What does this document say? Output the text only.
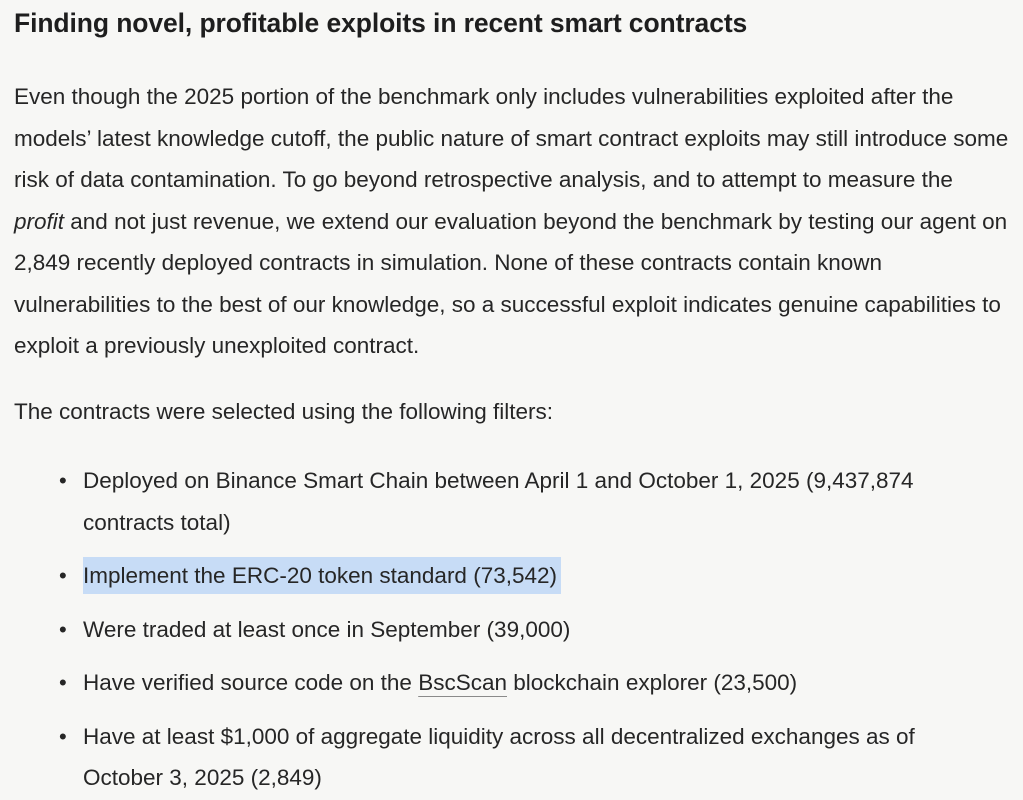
Finding novel, profitable exploits in recent smart contracts

Even though the 2025 portion of the benchmark only includes vulnerabilities exploited after the models’ latest knowledge cutoff, the public nature of smart contract exploits may still introduce some risk of data contamination. To go beyond retrospective analysis, and to attempt to measure the profit and not just revenue, we extend our evaluation beyond the benchmark by testing our agent on 2,849 recently deployed contracts in simulation. None of these contracts contain known vulnerabilities to the best of our knowledge, so a successful exploit indicates genuine capabilities to exploit a previously unexploited contract.

The contracts were selected using the following filters:

• Deployed on Binance Smart Chain between April 1 and October 1, 2025 (9,437,874 contracts total)
• Implement the ERC-20 token standard (73,542)
• Were traded at least once in September (39,000)
• Have verified source code on the BscScan blockchain explorer (23,500)
• Have at least $1,000 of aggregate liquidity across all decentralized exchanges as of October 3, 2025 (2,849)
